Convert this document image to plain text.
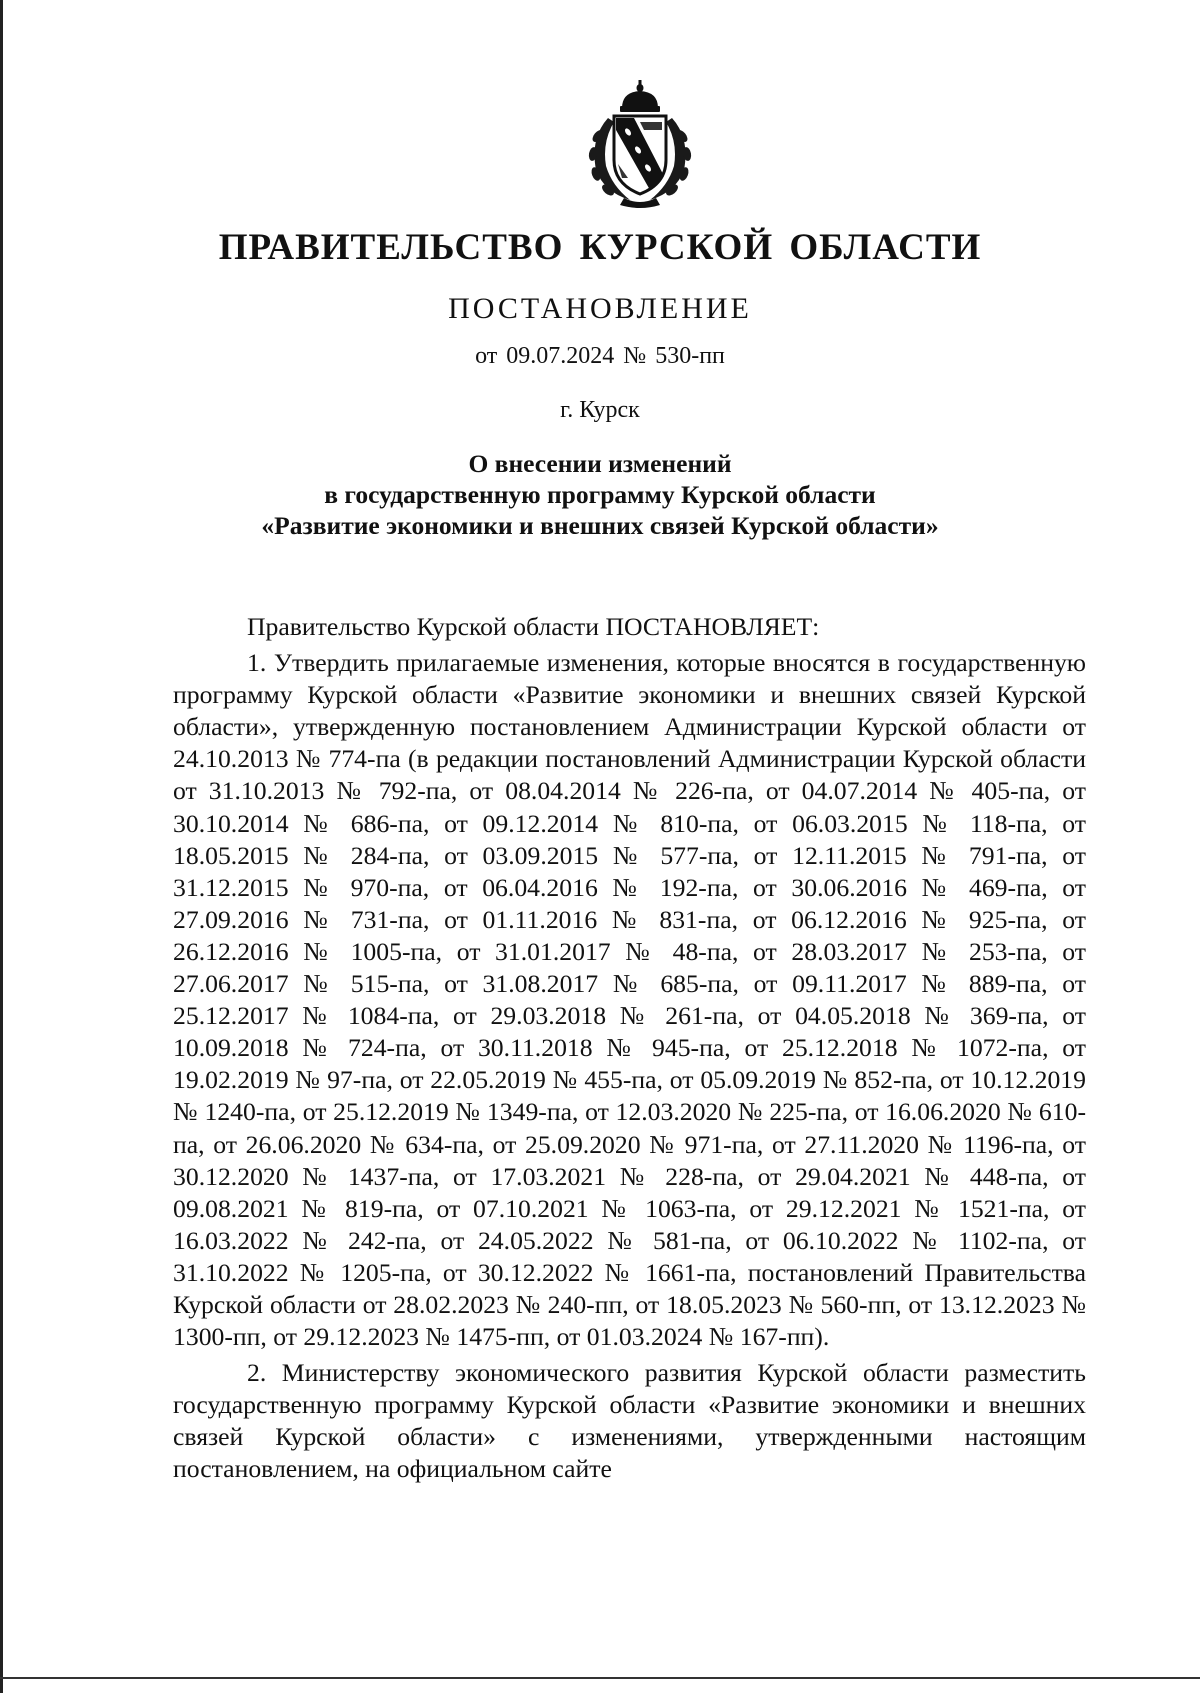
ПРАВИТЕЛЬСТВО КУРСКОЙ ОБЛАСТИ
ПОСТАНОВЛЕНИЕ
от 09.07.2024 № 530-пп
г. Курск
О внесении изменений
в государственную программу Курской области
«Развитие экономики и внешних связей Курской области»

Правительство Курской области ПОСТАНОВЛЯЕТ:

1. Утвердить прилагаемые изменения, которые вносятся в государственную программу Курской области «Развитие экономики и внешних связей Курской области», утвержденную постановлением Администрации Курской области от 24.10.2013 № 774-па (в редакции постановлений Администрации Курской области от 31.10.2013 № 792-па, от 08.04.2014 № 226-па, от 04.07.2014 № 405-па, от 30.10.2014 № 686-па, от 09.12.2014 № 810-па, от 06.03.2015 № 118-па, от 18.05.2015 № 284-па, от 03.09.2015 № 577-па, от 12.11.2015 № 791-па, от 31.12.2015 № 970-па, от 06.04.2016 № 192-па, от 30.06.2016 № 469-па, от 27.09.2016 № 731-па, от 01.11.2016 № 831-па, от 06.12.2016 № 925-па, от 26.12.2016 № 1005-па, от 31.01.2017 № 48-па, от 28.03.2017 № 253-па, от 27.06.2017 № 515-па, от 31.08.2017 № 685-па, от 09.11.2017 № 889-па, от 25.12.2017 № 1084-па, от 29.03.2018 № 261-па, от 04.05.2018 № 369-па, от 10.09.2018 № 724-па, от 30.11.2018 № 945-па, от 25.12.2018 № 1072-па, от 19.02.2019 № 97-па, от 22.05.2019 № 455-па, от 05.09.2019 № 852-па, от 10.12.2019 № 1240-па, от 25.12.2019 № 1349-па, от 12.03.2020 № 225-па, от 16.06.2020 № 610-па, от 26.06.2020 № 634-па, от 25.09.2020 № 971-па, от 27.11.2020 № 1196-па, от 30.12.2020 № 1437-па, от 17.03.2021 № 228-па, от 29.04.2021 № 448-па, от 09.08.2021 № 819-па, от 07.10.2021 № 1063-па, от 29.12.2021 № 1521-па, от 16.03.2022 № 242-па, от 24.05.2022 № 581-па, от 06.10.2022 № 1102-па, от 31.10.2022 № 1205-па, от 30.12.2022 № 1661-па, постановлений Правительства Курской области от 28.02.2023 № 240-пп, от 18.05.2023 № 560-пп, от 13.12.2023 № 1300-пп, от 29.12.2023 № 1475-пп, от 01.03.2024 № 167-пп).

2. Министерству экономического развития Курской области разместить государственную программу Курской области «Развитие экономики и внешних связей Курской области» с изменениями, утвержденными настоящим постановлением, на официальном сайте
